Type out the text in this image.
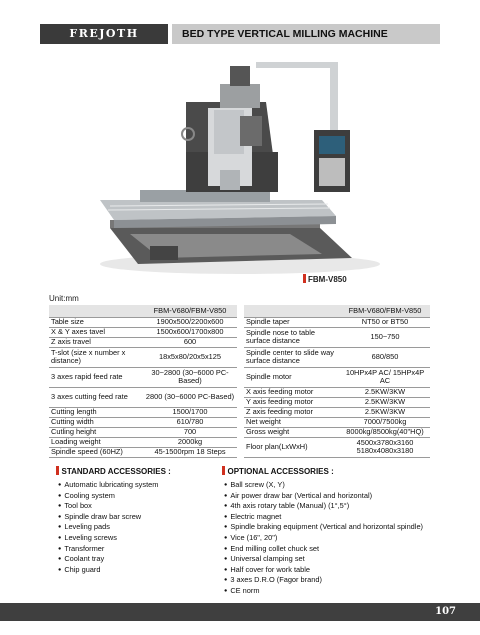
FREJOTH	BED TYPE VERTICAL MILLING MACHINE
FBM-V850
Unit:mm
	FBM-V680/FBM-V850
Table size	1900x500/2200x600
X & Y axes tavel	1500x600/1700x800
Z axis travel	600
T-slot (size x number x distance)	18x5x80/20x5x125
3 axes rapid feed rate	30~2800 (30~6000 PC-Based)
3 axes cutting feed rate	2800 (30~6000 PC-Based)
Cutting length	1500/1700
Cutting width	610/780
Cutling height	700
Loading weight	2000kg
Spindle speed (60HZ)	45-1500rpm 18 Steps
	FBM-V680/FBM-V850
Spindle taper	NT50 or BT50
Spindle nose to table surface distance	150~750
Spindle center to slide way surface distance	680/850
Spindle motor	10HPx4P AC/ 15HPx4P AC
X axis feeding motor	2.5KW/3KW
Y axis feeding motor	2.5KW/3KW
Z axis feeding motor	2.5KW/3KW
Net weight	7000/7500kg
Gross weight	8000kg/8500kg(40"HQ)
Floor plan(LxWxH)	4500x3780x3160 5180x4080x3180
STANDARD ACCESSORIES :
● Automatic lubricating system
● Cooling system
● Tool box
● Spindle draw bar screw
● Leveling pads
● Leveling screws
● Transformer
● Coolant tray
● Chip guard
OPTIONAL ACCESSORIES :
● Ball screw (X, Y)
● Air power draw bar (Vertical and horizontal)
● 4th axis rotary table (Manual) (1°,5°)
● Electric magnet
● Spindle braking equipment (Vertical and horizontal spindle)
● Vice (16", 20")
● End milling collet chuck set
● Universal clamping set
● Half cover for work table
● 3 axes D.R.O (Fagor brand)
● CE norm
107
